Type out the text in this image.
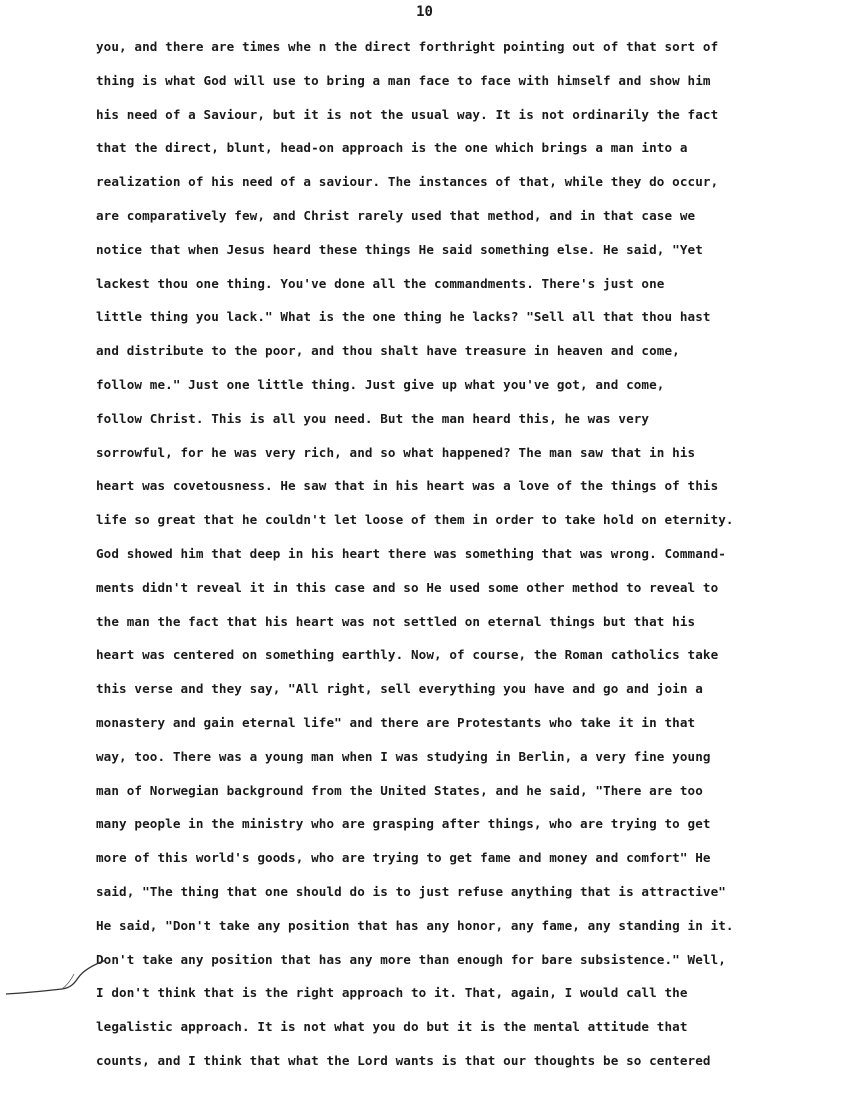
10
you, and there are times whe n the direct forthright pointing out of that sort of
thing is what God will use to bring a man face to face with himself and show him
his need of a Saviour, but it is not the usual way. It is not ordinarily the fact
that the direct, blunt, head-on approach is the one which brings a man into a
realization of his need of a saviour. The instances of that, while they do occur,
are comparatively few, and Christ rarely used that method, and in that case we
notice that when Jesus heard these things He said something else. He said, "Yet
lackest thou one thing. You've done all the commandments. There's just one
little thing you lack." What is the one thing he lacks? "Sell all that thou hast
and distribute to the poor, and thou shalt have treasure in heaven and come,
follow me." Just one little thing. Just give up what you've got, and come,
follow Christ. This is all you need. But the man heard this, he was very
sorrowful, for he was very rich, and so what happened? The man saw that in his
heart was covetousness. He saw that in his heart was a love of the things of this
life so great that he couldn't let loose of them in order to take hold on eternity.
God showed him that deep in his heart there was something that was wrong. Command-
ments didn't reveal it in this case and so He used some other method to reveal to
the man the fact that his heart was not settled on eternal things but that his
heart was centered on something earthly. Now, of course, the Roman catholics take
this verse and they say, "All right, sell everything you have and go and join a
monastery and gain eternal life" and there are Protestants who take it in that
way, too. There was a young man when I was studying in Berlin, a very fine young
man of Norwegian background from the United States, and he said, "There are too
many people in the ministry who are grasping after things, who are trying to get
more of this world's goods, who are trying to get fame and money and comfort" He
said, "The thing that one should do is to just refuse anything that is attractive"
He said, "Don't take any position that has any honor, any fame, any standing in it.
Don't take any position that has any more than enough for bare subsistence." Well,
I don't think that is the right approach to it. That, again, I would call the
legalistic approach. It is not what you do but it is the mental attitude that
counts, and I think that what the Lord wants is that our thoughts be so centered
